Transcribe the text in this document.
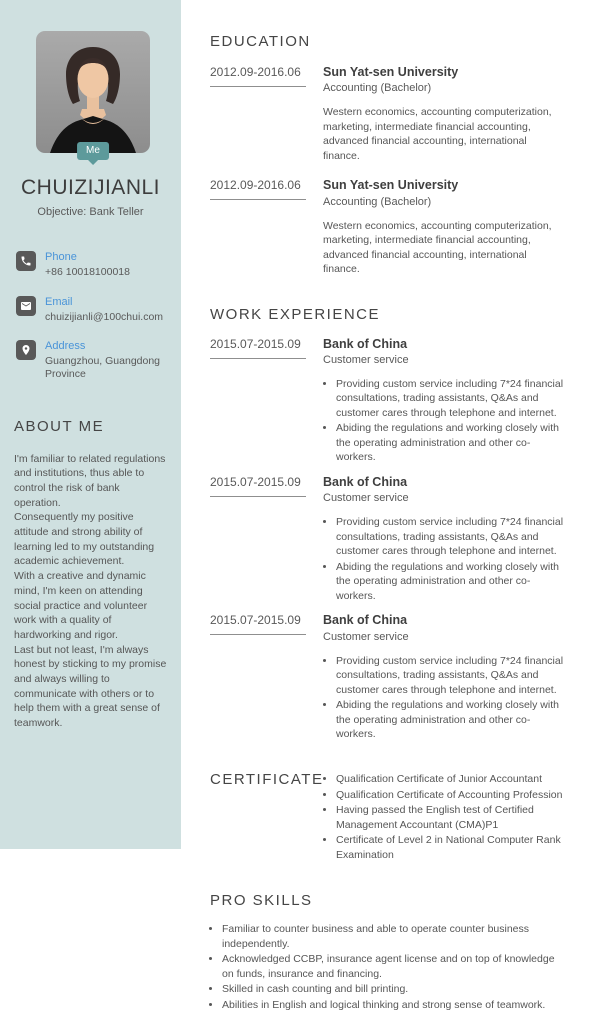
Me
CHUIZIJIANLI
Objective: Bank Teller
Phone
+86 10018100018
Email
chuizijianli@100chui.com
Address
Guangzhou, Guangdong Province
ABOUT ME

I'm familiar to related regulations and institutions, thus able to control the risk of bank operation.

Consequently my positive attitude and strong ability of learning led to my outstanding academic achievement.

With a creative and dynamic mind, I'm keen on attending social practice and volunteer work with a quality of hardworking and rigor.

Last but not least, I'm always honest by sticking to my promise and always willing to communicate with others or to help them with a great sense of teamwork.

EDUCATION
2012.09-2016.06	Sun Yat-sen University
Accounting (Bachelor)
Western economics, accounting computerization, marketing, intermediate financial accounting, advanced financial accounting, international finance.
2012.09-2016.06	Sun Yat-sen University
Accounting (Bachelor)
Western economics, accounting computerization, marketing, intermediate financial accounting, advanced financial accounting, international finance.
WORK EXPERIENCE
2015.07-2015.09	Bank of China
Customer service
• Providing custom service including 7*24 financial consultations, trading assistants, Q&As and customer cares through telephone and internet.
• Abiding the regulations and working closely with the operating administration and other co-workers.
2015.07-2015.09	Bank of China
Customer service
• Providing custom service including 7*24 financial consultations, trading assistants, Q&As and customer cares through telephone and internet.
• Abiding the regulations and working closely with the operating administration and other co-workers.
2015.07-2015.09	Bank of China
Customer service
• Providing custom service including 7*24 financial consultations, trading assistants, Q&As and customer cares through telephone and internet.
• Abiding the regulations and working closely with the operating administration and other co-workers.
CERTIFICATE • Qualification Certificate of Junior Accountant
• Qualification Certificate of Accounting Profession
• Having passed the English test of Certified Management Accountant (CMA)P1
• Certificate of Level 2 in National Computer Rank Examination
PRO SKILLS
• Familiar to counter business and able to operate counter business independently.
• Acknowledged CCBP, insurance agent license and on top of knowledge on funds, insurance and financing.
• Skilled in cash counting and bill printing.
• Abilities in English and logical thinking and strong sense of teamwork.
